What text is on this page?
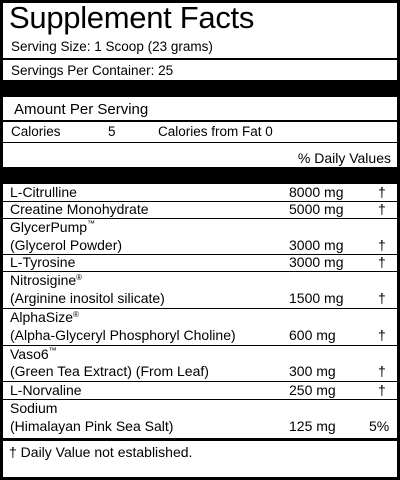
Supplement Facts
Serving Size: 1 Scoop (23 grams)
Servings Per Container: 25
Amount Per Serving
Calories	5	Calories from Fat 0
% Daily Values
L-Citrulline	8000 mg †
Creatine Monohydrate	5000 mg †
GlycerPump™
(Glycerol Powder)	3000 mg †
L-Tyrosine	3000 mg †
Nitrosigine®
(Arginine inositol silicate)	1500 mg †
AlphaSize®
(Alpha-Glyceryl Phosphoryl Choline)	600 mg	†
Vaso6™
(Green Tea Extract) (From Leaf)	300 mg	†
L-Norvaline	250 mg	†
Sodium
(Himalayan Pink Sea Salt)	125 mg 5%
† Daily Value not established.
